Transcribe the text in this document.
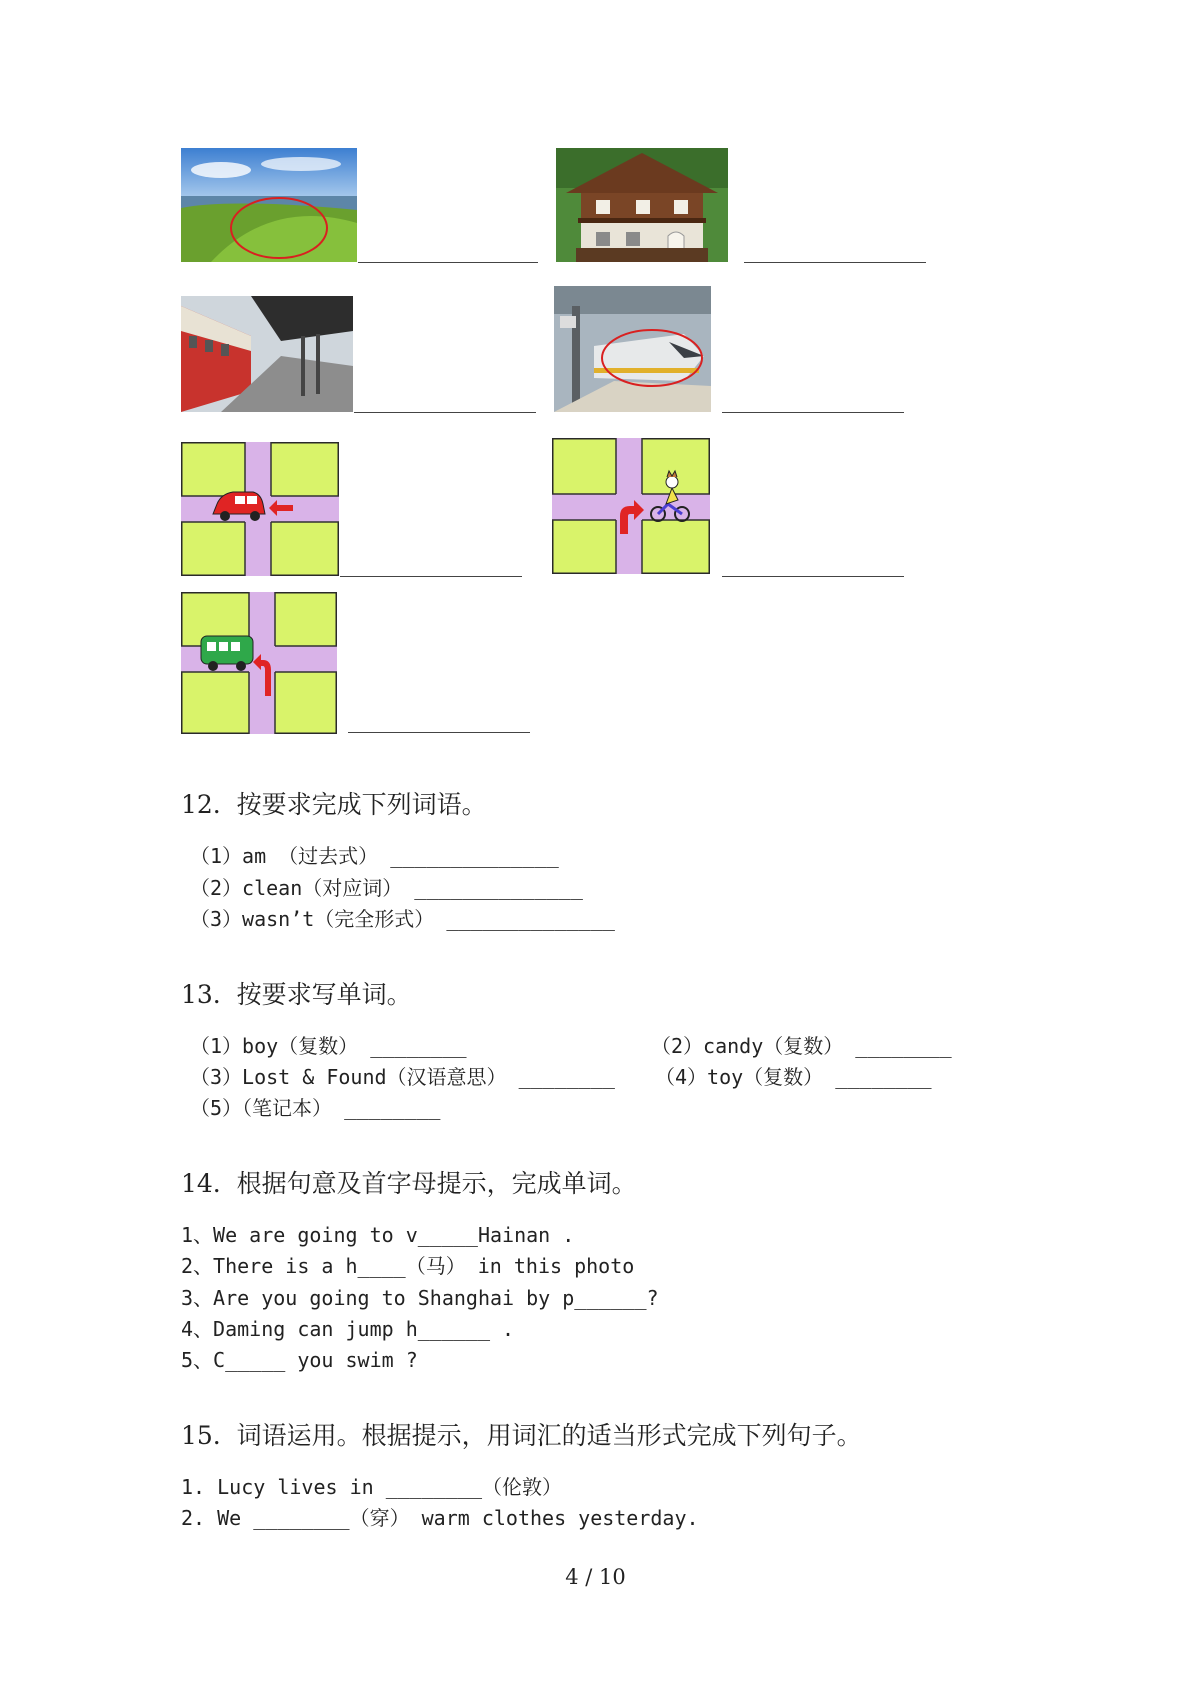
12.  按要求完成下列词语。
（1）am （过去式） ______________
（2）clean（对应词） ______________
（3）wasn’t（完全形式） ______________
13.  按要求写单词。
（1）boy（复数） ________	（2）candy（复数） ________
（3）Lost & Found（汉语意思） ________ （4）toy（复数） ________
（5）（笔记本） ________
14.  根据句意及首字母提示，完成单词。
1、We are going to v_____Hainan .
2、There is a h____（马） in this photo
3、Are you going to Shanghai by p______?
4、Daming can jump h______ .
5、C_____ you swim ?
15.  词语运用。根据提示，用词汇的适当形式完成下列句子。
1. Lucy lives in ________（伦敦）
2. We ________（穿） warm clothes yesterday.
4 / 10
